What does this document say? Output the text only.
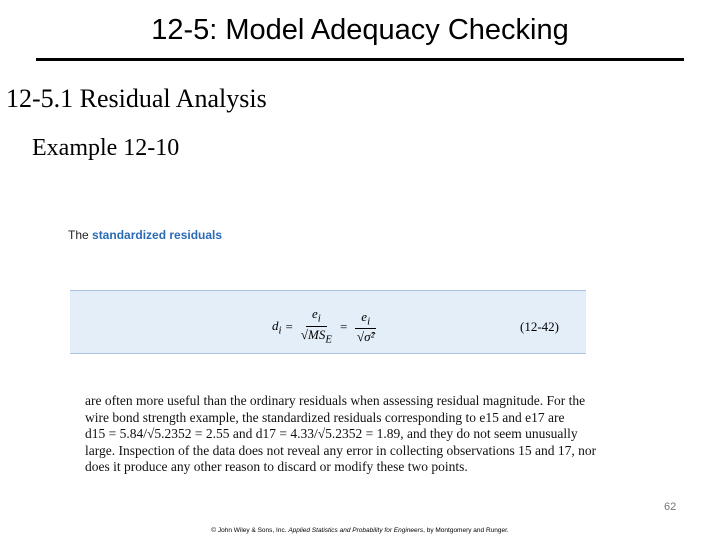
12-5: Model Adequacy Checking
12-5.1 Residual Analysis
Example 12-10
The standardized residuals
$d_i = \frac{e_i}{√MS_E} = \frac{e_i}{\text{√σ̂²}}$	(12-42)
are often more useful than the ordinary residuals when assessing residual magnitude. For the
wire bond strength example, the standardized residuals corresponding to e15 and e17 are
d15 = 5.84/√5.2352 = 2.55 and d17 = 4.33/√5.2352 = 1.89, and they do not seem unusually
large. Inspection of the data does not reveal any error in collecting observations 15 and 17, nor
does it produce any other reason to discard or modify these two points.
62
© John Wiley & Sons, Inc. Applied Statistics and Probability for Engineers, by Montgomery and Runger.
